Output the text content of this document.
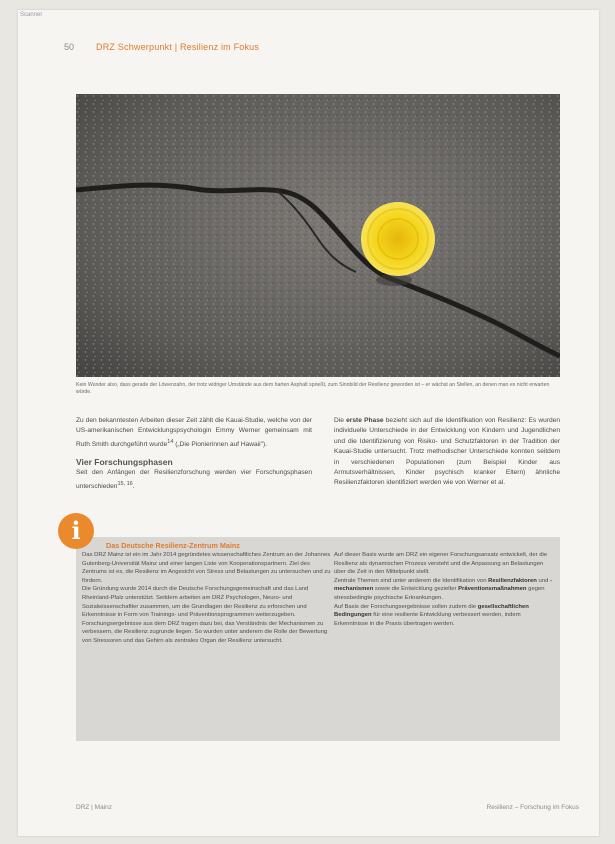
Scanner
50 DRZ Schwerpunkt | Resilienz im Fokus
Kein Wunder also, dass gerade der Löwenzahn, der trotz widriger Umstände aus dem harten Asphalt sprießt, zum Sinnbild der Resilienz geworden ist – er wächst an Stellen, an denen man es nicht erwarten würde.
Zu den bekanntesten Arbeiten dieser Zeit zählt die Kauai-Studie, welche von der US-amerikanischen Entwicklungspsychologin Emmy Werner gemeinsam mit Ruth Smith durchgeführt wurde$^{14}$ („Die Pionierinnen auf Hawaii").
Vier Forschungsphasen
Seit den Anfängen der Resilienzforschung werden vier Forschungsphasen unterschieden$^{15, 16}$.
Die erste Phase bezieht sich auf die Identifikation von Resilienz: Es wurden individuelle Unterschiede in der Entwicklung von Kindern und Jugendlichen und die Identifizierung von Risiko- und Schutzfaktoren in der Tradition der Kauai-Studie untersucht. Trotz methodischer Unterschiede konnten seitdem in verschiedenen Populationen (zum Beispiel Kinder aus Armutsverhältnissen, Kinder psychisch kranker Eltern) ähnliche Resilienzfaktoren identifiziert werden wie von Werner et al.
i
Das Deutsche Resilienz-Zentrum Mainz
Das DRZ Mainz ist ein im Jahr 2014 gegründetes wissenschaftliches Zentrum an der Johannes Gutenberg-Universität Mainz und einer langen Liste von Kooperationspartnern. Ziel des Zentrums ist es, die Resilienz im Angesicht von Stress und Belastungen zu untersuchen und zu fördern.
Die Gründung wurde 2014 durch die Deutsche Forschungsgemeinschaft und das Land Rheinland-Pfalz unterstützt. Seitdem arbeiten am DRZ Psychologen, Neuro- und Sozialwissenschaftler zusammen, um die Grundlagen der Resilienz zu erforschen und Erkenntnisse in Form von Trainings- und Präventionsprogrammen weiterzugeben.
Forschungsergebnisse aus dem DRZ tragen dazu bei, das Verständnis der Mechanismen zu verbessern, die Resilienz zugrunde liegen. So wurden unter anderem die Rolle der Bewertung von Stressoren und das Gehirn als zentrales Organ der Resilienz untersucht.
Auf dieser Basis wurde am DRZ ein eigener Forschungsansatz entwickelt, der die Resilienz als dynamischen Prozess versteht und die Anpassung an Belastungen über die Zeit in den Mittelpunkt stellt.
Zentrale Themen sind unter anderem die Identifikation von Resilienzfaktoren und -mechanismen sowie die Entwicklung gezielter Präventionsmaßnahmen gegen stressbedingte psychische Erkrankungen.
Auf Basis der Forschungsergebnisse sollen zudem die gesellschaftlichen Bedingungen für eine resiliente Entwicklung verbessert werden, indem Erkenntnisse in die Praxis übertragen werden.
DRZ | Mainz	Resilienz – Forschung im Fokus
